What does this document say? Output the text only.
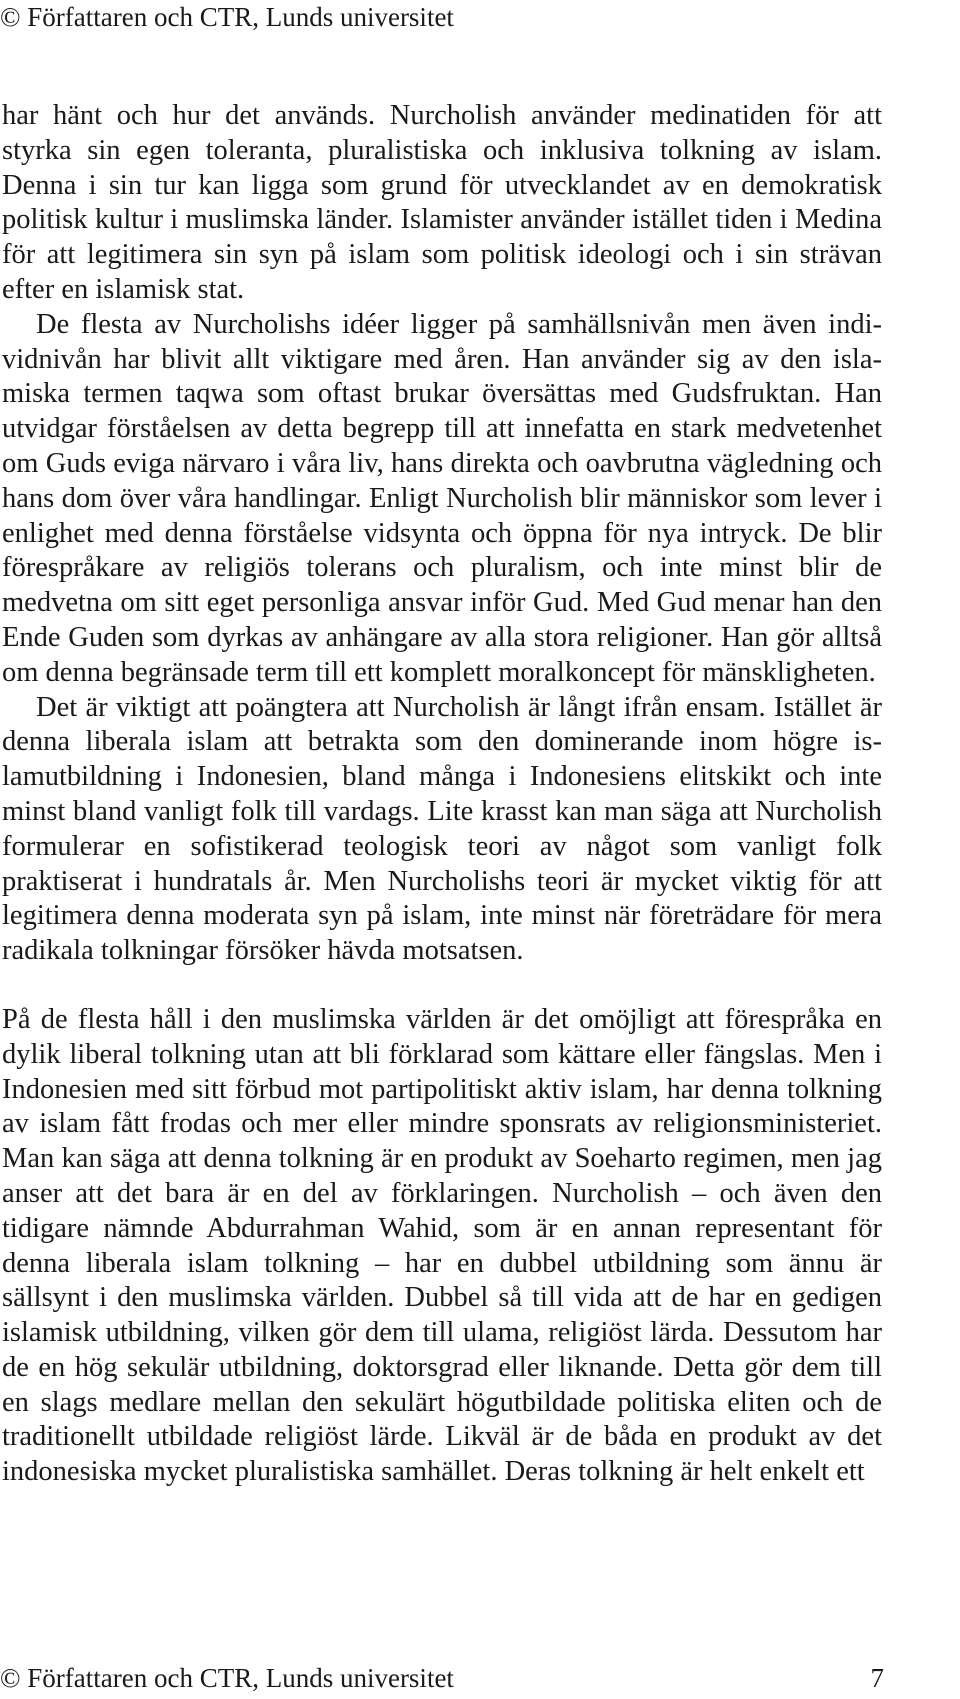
© Författaren och CTR, Lunds universitet

har hänt och hur det används. Nurcholish använder medinatiden för att styrka sin egen toleranta, pluralistiska och inklusiva tolkning av islam. Denna i sin tur kan ligga som grund för utvecklandet av en demokratisk politisk kultur i muslimska länder. Islamister använder istället tiden i Medina för att legitimera sin syn på islam som politisk ideologi och i sin strävan efter en islamisk stat.

De flesta av Nurcholishs idéer ligger på samhällsnivån men även individnivån har blivit allt viktigare med åren. Han använder sig av den islamiska termen taqwa som oftast brukar översättas med Gudsfruktan. Han utvidgar förståelsen av detta begrepp till att innefatta en stark medvetenhet om Guds eviga närvaro i våra liv, hans direkta och oavbrutna vägledning och hans dom över våra handlingar. Enligt Nurcholish blir människor som lever i enlighet med denna förståelse vidsynta och öppna för nya intryck. De blir förespråkare av religiös tolerans och pluralism, och inte minst blir de medvetna om sitt eget personliga ansvar inför Gud. Med Gud menar han den Ende Guden som dyrkas av anhängare av alla stora religioner. Han gör alltså om denna begränsade term till ett komplett moralkoncept för mänskligheten.

Det är viktigt att poängtera att Nurcholish är långt ifrån ensam. Istället är denna liberala islam att betrakta som den dominerande inom högre islamutbildning i Indonesien, bland många i Indonesiens elitskikt och inte minst bland vanligt folk till vardags. Lite krasst kan man säga att Nurcholish formulerar en sofistikerad teologisk teori av något som vanligt folk praktiserat i hundratals år. Men Nurcholishs teori är mycket viktig för att legitimera denna moderata syn på islam, inte minst när företrädare för mera radikala tolkningar försöker hävda motsatsen.

På de flesta håll i den muslimska världen är det omöjligt att förespråka en dylik liberal tolkning utan att bli förklarad som kättare eller fängslas. Men i Indonesien med sitt förbud mot partipolitiskt aktiv islam, har denna tolkning av islam fått frodas och mer eller mindre sponsrats av religionsministeriet. Man kan säga att denna tolkning är en produkt av Soeharto regimen, men jag anser att det bara är en del av förklaringen. Nurcholish – och även den tidigare nämnde Abdurrahman Wahid, som är en annan representant för denna liberala islam tolkning – har en dubbel utbildning som ännu är sällsynt i den muslimska världen. Dubbel så till vida att de har en gedigen islamisk utbildning, vilken gör dem till ulama, religiöst lärda. Dessutom har de en hög sekulär utbildning, doktorsgrad eller liknande. Detta gör dem till en slags medlare mellan den sekulärt högutbildade politiska eliten och de traditionellt utbildade religiöst lärde. Likväl är de båda en produkt av det indonesiska mycket pluralistiska samhället. Deras tolkning är helt enkelt ett

© Författaren och CTR, Lunds universitet	7
